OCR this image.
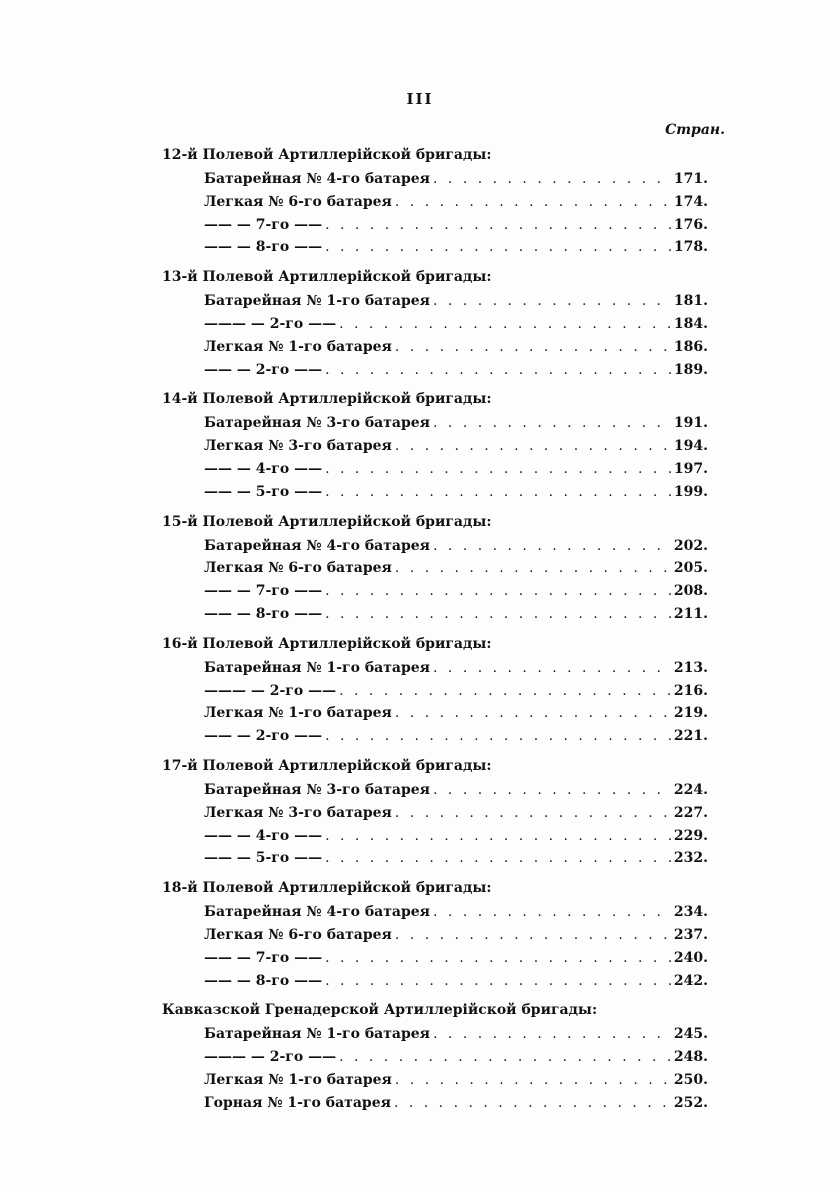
III
Стран.
12-й Полевой Артиллерійской бригады:
Батарейная № 4-го батарея . . .	171.
Легкая № 6-го батарея . . .	174.
—— — 7-го —— . . .	176.
—— — 8-го —— . . .	178.
13-й Полевой Артиллерійской бригады:
Батарейная № 1-го батарея . . .	181.
——— — 2-го —— . . .	184.
Легкая № 1-го батарея . . .	186.
—— — 2-го —— . . .	189.
14-й Полевой Артиллерійской бригады:
Батарейная № 3-го батарея . . .	191.
Легкая № 3-го батарея . . .	194.
—— — 4-го —— . . .	197.
—— — 5-го —— . . .	199.
15-й Полевой Артиллерійской бригады:
Батарейная № 4-го батарея . . .	202.
Легкая № 6-го батарея . . .	205.
—— — 7-го —— . . .	208.
—— — 8-го —— . . .	211.
16-й Полевой Артиллерійской бригады:
Батарейная № 1-го батарея . . .	213.
——— — 2-го —— . . .	216.
Легкая № 1-го батарея . . .	219.
—— — 2-го —— . . .	221.
17-й Полевой Артиллерійской бригады:
Батарейная № 3-го батарея . . .	224.
Легкая № 3-го батарея . . .	227.
—— — 4-го —— . . .	229.
—— — 5-го —— . . .	232.
18-й Полевой Артиллерійской бригады:
Батарейная № 4-го батарея . . .	234.
Легкая № 6-го батарея . . .	237.
—— — 7-го —— . . .	240.
—— — 8-го —— . . .	242.
Кавказской Гренадерской Артиллерійской бригады:
Батарейная № 1-го батарея . . .	245.
——— — 2-го —— . . .	248.
Легкая № 1-го батарея . . .	250.
Горная № 1-го батарея . . .	252.
